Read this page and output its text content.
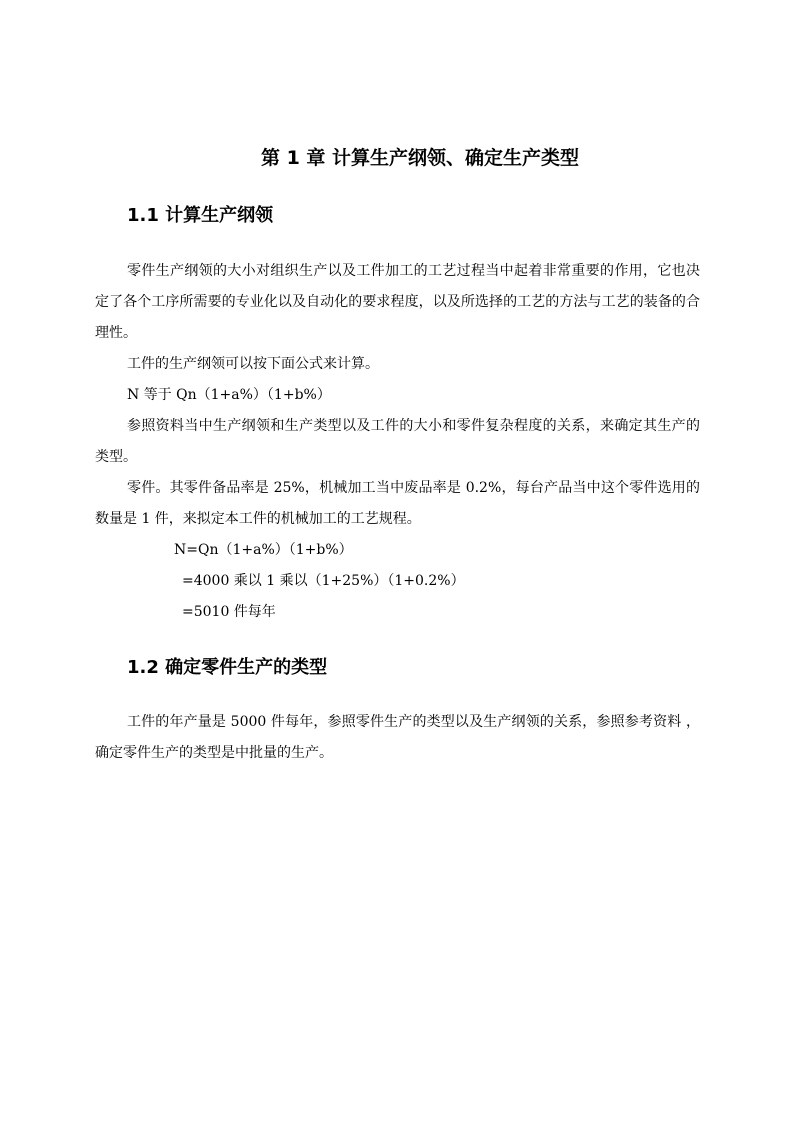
第 1 章 计算生产纲领、确定生产类型
1.1 计算生产纲领

零件生产纲领的大小对组织生产以及工件加工的工艺过程当中起着非常重要的作用，它也决定了各个工序所需要的专业化以及自动化的要求程度，以及所选择的工艺的方法与工艺的装备的合理性。

工件的生产纲领可以按下面公式来计算。

N 等于 Qn（1+a%）（1+b%）

参照资料当中生产纲领和生产类型以及工件的大小和零件复杂程度的关系，来确定其生产的类型。

零件。其零件备品率是 25%，机械加工当中废品率是 0.2%，每台产品当中这个零件选用的数量是 1 件，来拟定本工件的机械加工的工艺规程。

N=Qn（1+a%）（1+b%）

=4000 乘以 1 乘以（1+25%）（1+0.2%）

=5010 件每年

1.2 确定零件生产的类型

工件的年产量是 5000 件每年，参照零件生产的类型以及生产纲领的关系，参照参考资料 ，确定零件生产的类型是中批量的生产。
